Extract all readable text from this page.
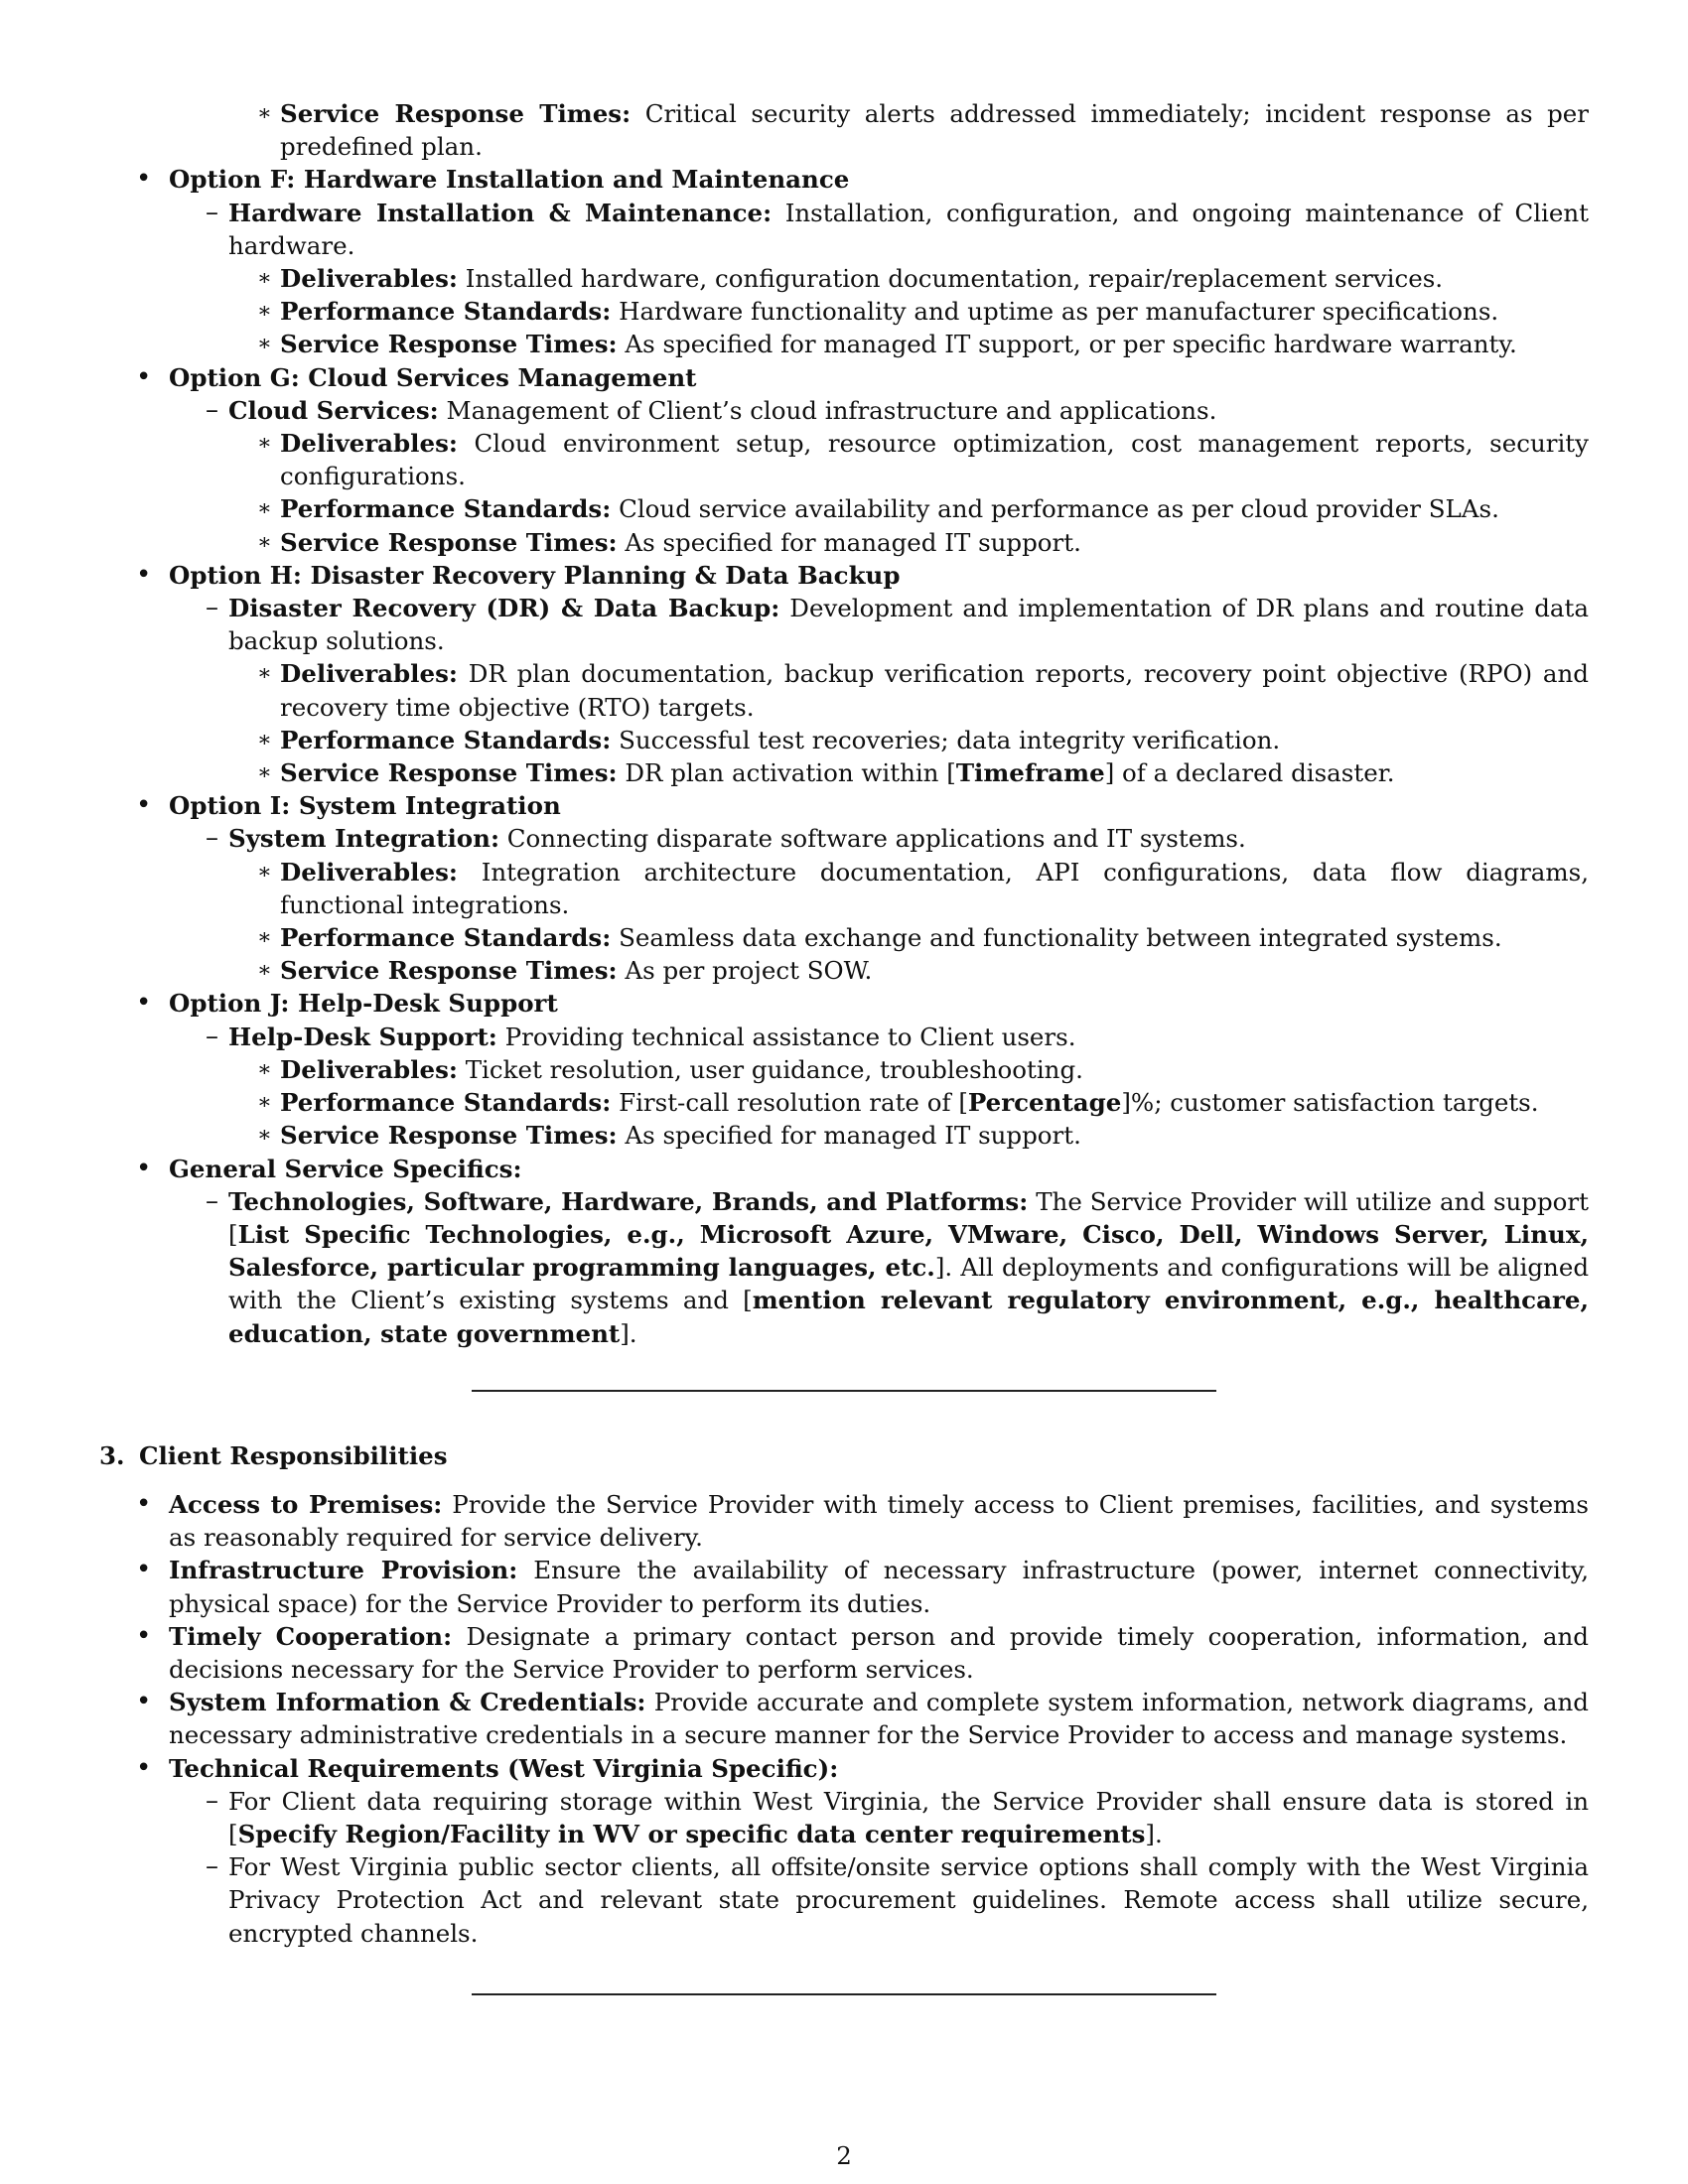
∗ Service Response Times: Critical security alerts addressed immediately; incident response as per predefined plan.
• Option F: Hardware Installation and Maintenance
– Hardware Installation & Maintenance: Installation, configuration, and ongoing maintenance of Client hardware.
∗ Deliverables: Installed hardware, configuration documentation, repair/replacement services.
∗ Performance Standards: Hardware functionality and uptime as per manufacturer specifications.
∗ Service Response Times: As specified for managed IT support, or per specific hardware warranty.
• Option G: Cloud Services Management
– Cloud Services: Management of Client’s cloud infrastructure and applications.
∗ Deliverables: Cloud environment setup, resource optimization, cost management reports, security configurations.
∗ Performance Standards: Cloud service availability and performance as per cloud provider SLAs.
∗ Service Response Times: As specified for managed IT support.
• Option H: Disaster Recovery Planning & Data Backup
– Disaster Recovery (DR) & Data Backup: Development and implementation of DR plans and routine data backup solutions.
∗ Deliverables: DR plan documentation, backup verification reports, recovery point objective (RPO) and recovery time objective (RTO) targets.
∗ Performance Standards: Successful test recoveries; data integrity verification.
∗ Service Response Times: DR plan activation within [Timeframe] of a declared disaster.
• Option I: System Integration
– System Integration: Connecting disparate software applications and IT systems.
∗ Deliverables: Integration architecture documentation, API configurations, data flow diagrams, functional integrations.
∗ Performance Standards: Seamless data exchange and functionality between integrated systems.
∗ Service Response Times: As per project SOW.
• Option J: Help-Desk Support
– Help-Desk Support: Providing technical assistance to Client users.
∗ Deliverables: Ticket resolution, user guidance, troubleshooting.
∗ Performance Standards: First-call resolution rate of [Percentage]%; customer satisfaction targets.
∗ Service Response Times: As specified for managed IT support.
• General Service Specifics:
– Technologies, Software, Hardware, Brands, and Platforms: The Service Provider will utilize and support [List Specific Technologies, e.g., Microsoft Azure, VMware, Cisco, Dell, Windows Server, Linux, Salesforce, particular programming languages, etc.]. All deployments and configurations will be aligned with the Client’s existing systems and [mention relevant regulatory environment, e.g., healthcare, education, state government].
3. Client Responsibilities
• Access to Premises: Provide the Service Provider with timely access to Client premises, facilities, and systems as reasonably required for service delivery.
• Infrastructure Provision: Ensure the availability of necessary infrastructure (power, internet connectivity, physical space) for the Service Provider to perform its duties.
• Timely Cooperation: Designate a primary contact person and provide timely cooperation, information, and decisions necessary for the Service Provider to perform services.
• System Information & Credentials: Provide accurate and complete system information, network diagrams, and necessary administrative credentials in a secure manner for the Service Provider to access and manage systems.
• Technical Requirements (West Virginia Specific):
– For Client data requiring storage within West Virginia, the Service Provider shall ensure data is stored in [Specify Region/Facility in WV or specific data center requirements].
– For West Virginia public sector clients, all offsite/onsite service options shall comply with the West Virginia Privacy Protection Act and relevant state procurement guidelines. Remote access shall utilize secure, encrypted channels.
2
